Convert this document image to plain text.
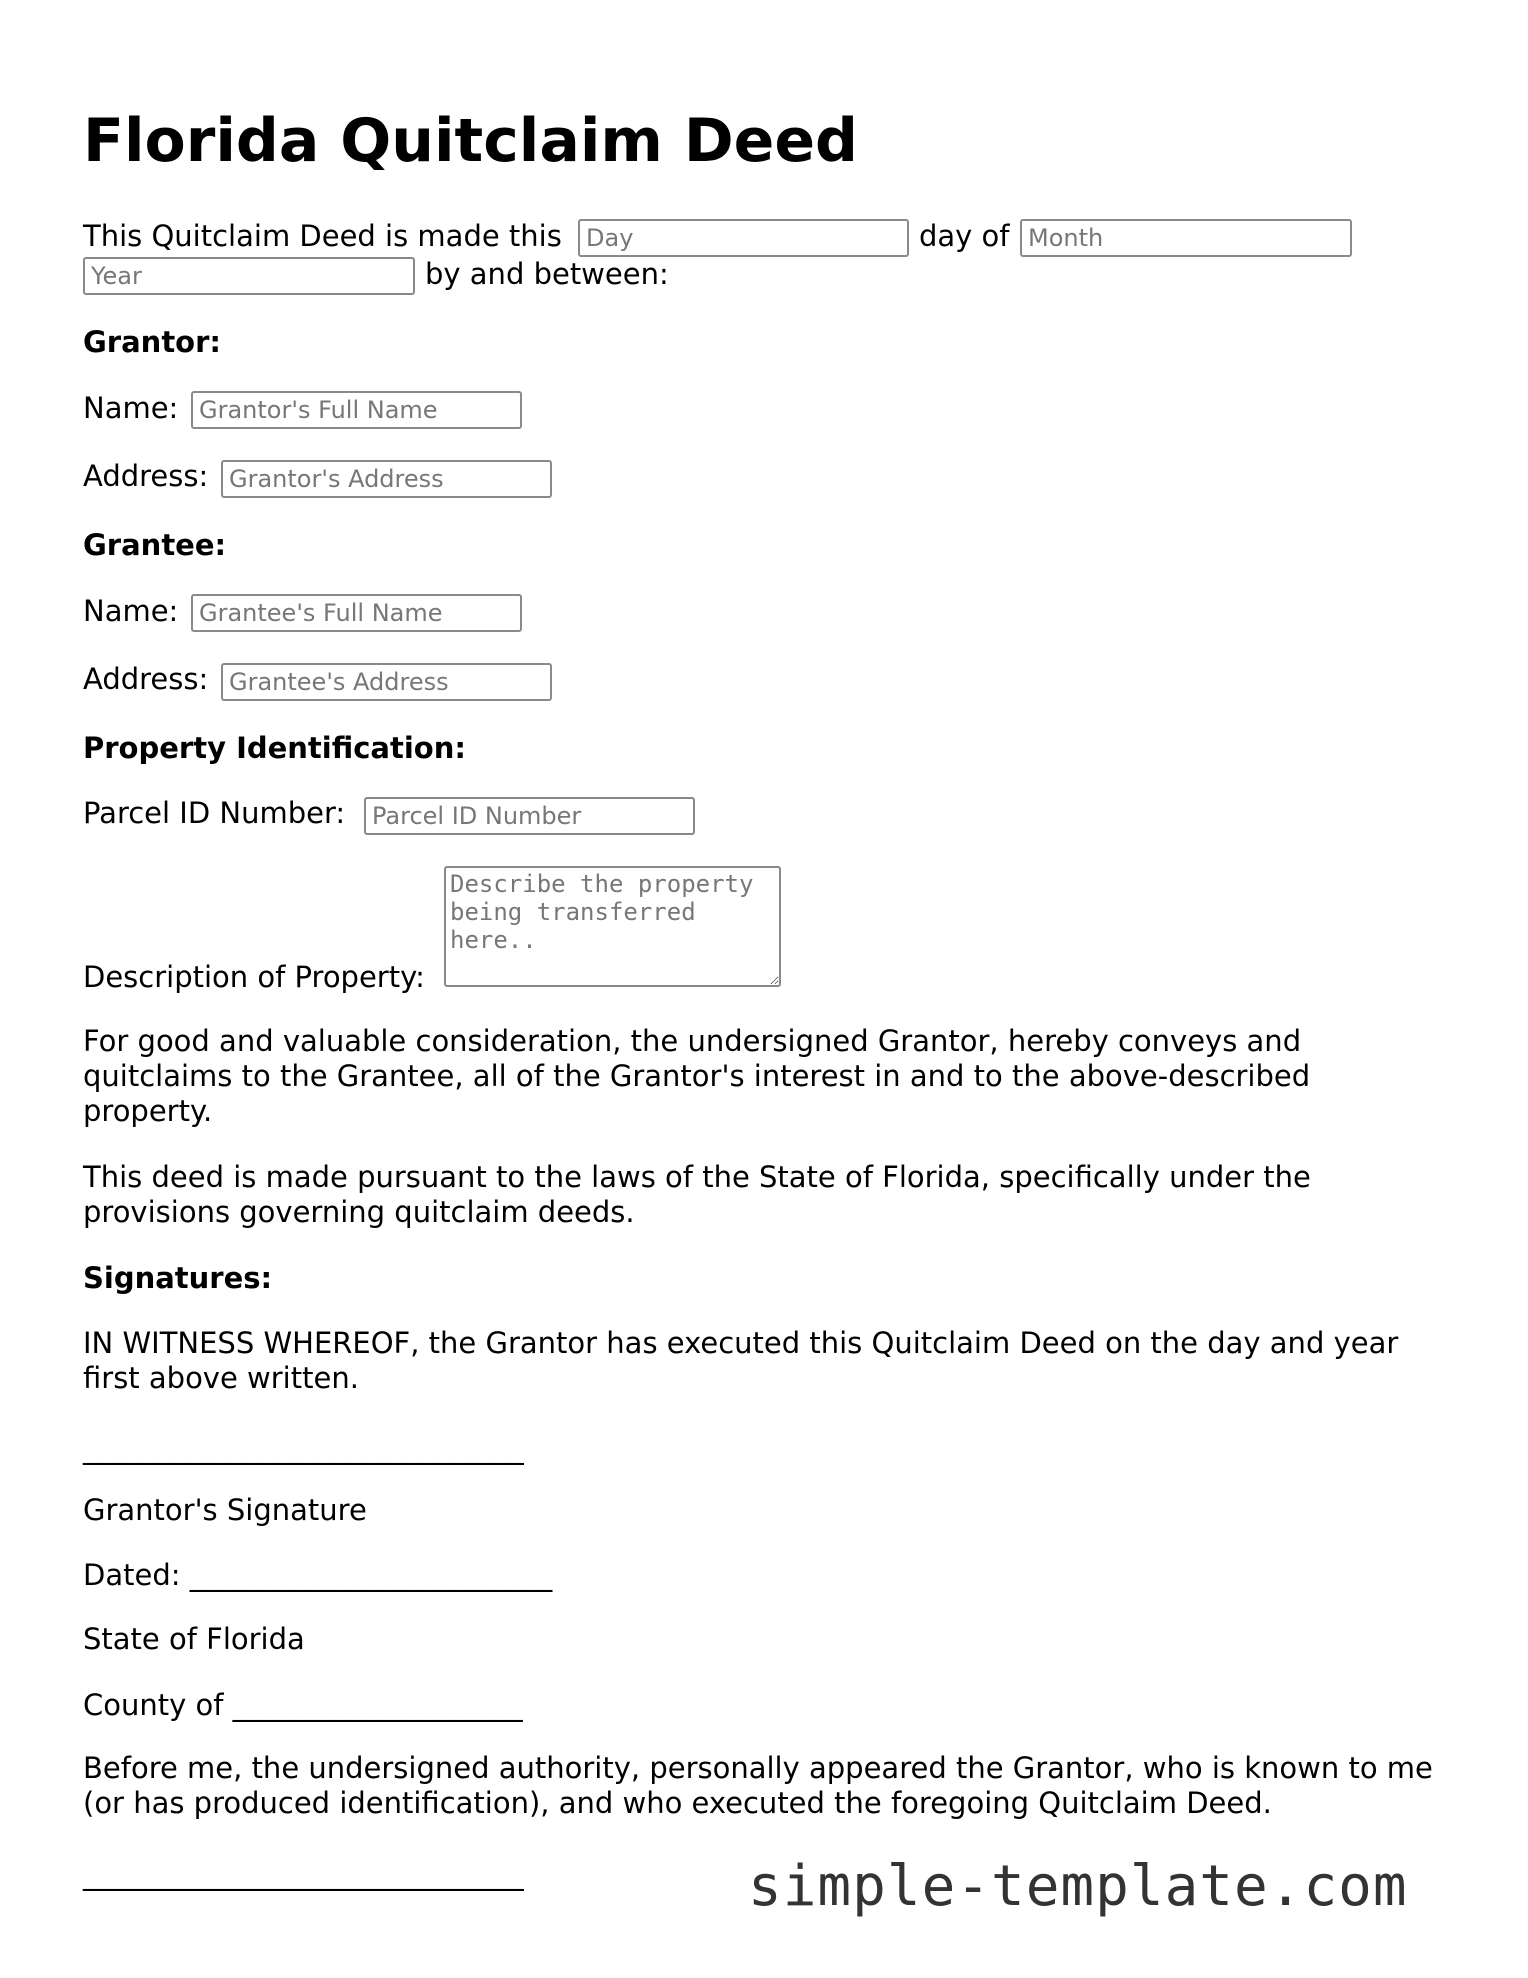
Florida Quitclaim Deed
This Quitclaim Deed is made this
Day	day of
Month
Year
by and between:
Grantor:
Name:
Grantor's Full Name
Address:
Grantor's Address
Grantee:
Name:
Grantee's Full Name
Address:
Grantee's Address
Property Identification:
Parcel ID Number:
Parcel ID Number
Describe the property being transferred here..
Description of Property:
For good and valuable consideration, the undersigned Grantor, hereby conveys and quitclaims to the Grantee, all of the Grantor's interest in and to the above-described property.
This deed is made pursuant to the laws of the State of Florida, specifically under the provisions governing quitclaim deeds.
Signatures:
IN WITNESS WHEREOF, the Grantor has executed this Quitclaim Deed on the day and year first above written.
______________________________
Grantor's Signature
Dated: _________________________
State of Florida
County of ____________________
Before me, the undersigned authority, personally appeared the Grantor, who is known to me (or has produced identification), and who executed the foregoing Quitclaim Deed.
______________________________	simple-template.com
